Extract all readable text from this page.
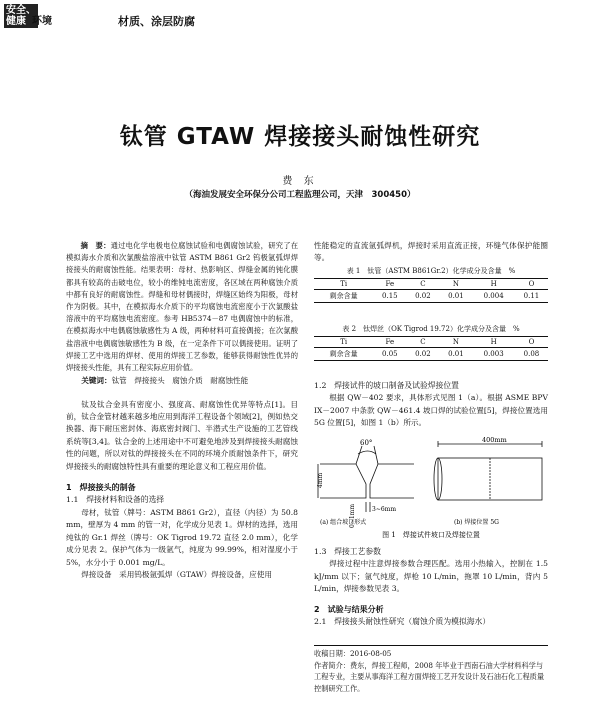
安全、
健康 环境	材质、涂层防腐
钛管 GTAW 焊接接头耐蚀性研究
费 东
（海油发展安全环保分公司工程监理公司，天津　300450）
摘　要：通过电化学电极电位腐蚀试验和电偶腐蚀试验，研究了在模拟海水介质和次氯酸盐溶液中钛管 ASTM B861 Gr2 钨极氩弧焊焊接接头的耐腐蚀性能。结果表明：母材、热影响区、焊缝金属的钝化膜都具有较高的击破电位，较小的维钝电流密度，各区域在两种腐蚀介质中都有良好的耐腐蚀性。焊缝和母材偶接时，焊缝区始终为阳极，母材作为阴极。其中，在模拟海水介质下的平均腐蚀电流密度小于次氯酸盐溶液中的平均腐蚀电流密度。参考 HB5374－87 电偶腐蚀中的标准，在模拟海水中电偶腐蚀敏感性为 A 级，两种材料可直接偶接；在次氯酸盐溶液中电偶腐蚀敏感性为 B 级，在一定条件下可以偶接使用。证明了焊接工艺中选用的焊材、使用的焊接工艺参数，能够获得耐蚀性优异的焊接接头性能，具有工程实际应用价值。
关键词：钛管　焊接接头　腐蚀介质　耐腐蚀性能
钛及钛合金具有密度小、强度高、耐腐蚀性优异等特点[1]。目前，钛合金管材越来越多地应用到海洋工程设备个领域[2]，例如热交换器、海下耐压密封体、海底密封阀门、半潜式生产设施的工艺管线系统等[3,4]。钛合金的上述用途中不可避免地涉及到焊接接头耐腐蚀性的问题，所以对钛的焊接接头在不同的环境介质耐蚀条件下，研究焊接接头的耐腐蚀特性具有重要的理论意义和工程应用价值。
1　焊接接头的制备
1.1　焊接材料和设备的选择
母材，钛管（牌号：ASTM B861 Gr2），直径（内径）为 50.8 mm，壁厚为 4 mm 的管一对，化学成分见表 1。焊材的选择，选用纯钛的 Gr.1 焊丝（牌号：OK Tigrod 19.72 直径 2.0 mm），化学成分见表 2。保护气体为一级氩气，纯度为 99.99%，相对湿度小于 5%，水分小于 0.001 mg/L。
焊接设备　采用钨极氩弧焊（GTAW）焊接设备，应使用
性能稳定的直流氩弧焊机，焊接时采用直流正接，环缝气体保护能圈等。
表 1　钛管（ASTM B861Gr.2）化学成分及含量　%
Ti	Fe	C	N	H	O
剩余含量	0.15	0.02	0.01	0.004	0.11
表 2　钛焊丝（OK Tigrod 19.72）化学成分及含量　%
Ti	Fe	C	N	H	O
剩余含量	0.05	0.02	0.01	0.003	0.08
1.2　焊接试件的坡口制备及试验焊接位置
根据 QW－402 要求，具体形式见图 1（a）。根据 ASME BPV IX－2007 中条款 QW－461.4 坡口焊的试验位置[5]，焊接位置选用 5G 位置[5]，如图 1（b）所示。
60°
4mm
3~6mm
0~1mm
400mm
(a) 组合坡口形式	(b) 焊接位置 5G
图 1　焊接试件坡口及焊接位置
1.3　焊接工艺参数
焊接过程中注意焊接参数合理匹配。选用小热输入，控制在 1.5 kJ/mm 以下；氩气纯度，焊枪 10 L/min，拖罩 10 L/min，背内 5 L/min，焊接参数见表 3。
2　试验与结果分析
2.1　焊接接头耐蚀性研究（腐蚀介质为模拟海水）
收稿日期：2016-08-05
作者简介：费东，焊接工程师，2008 年毕业于西南石油大学材料科学与工程专业，主要从事海洋工程方面焊接工艺开发设计及石油石化工程质量控制研究工作。
